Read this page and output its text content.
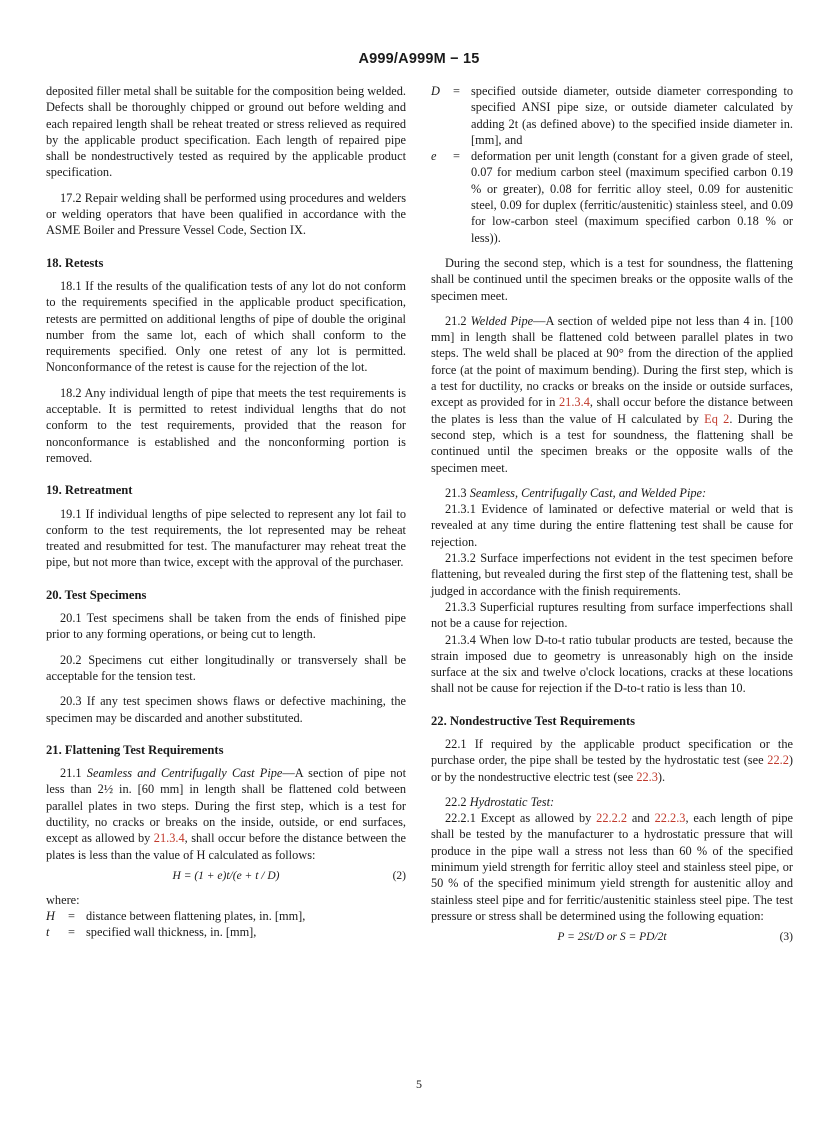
A999/A999M − 15

deposited filler metal shall be suitable for the composition being welded. Defects shall be thoroughly chipped or ground out before welding and each repaired length shall be reheat treated or stress relieved as required by the applicable product specification. Each length of repaired pipe shall be nondestructively tested as required by the applicable product specification.

17.2 Repair welding shall be performed using procedures and welders or welding operators that have been qualified in accordance with the ASME Boiler and Pressure Vessel Code, Section IX.

18. Retests

18.1 If the results of the qualification tests of any lot do not conform to the requirements specified in the applicable product specification, retests are permitted on additional lengths of pipe of double the original number from the same lot, each of which shall conform to the requirements specified. Only one retest of any lot is permitted. Nonconformance of the retest is cause for the rejection of the lot.

18.2 Any individual length of pipe that meets the test requirements is acceptable. It is permitted to retest individual lengths that do not conform to the test requirements, provided that the reason for nonconformance is established and the nonconforming portion is removed.

19. Retreatment

19.1 If individual lengths of pipe selected to represent any lot fail to conform to the test requirements, the lot represented may be reheat treated and resubmitted for test. The manufacturer may reheat treat the pipe, but not more than twice, except with the approval of the purchaser.

20. Test Specimens

20.1 Test specimens shall be taken from the ends of finished pipe prior to any forming operations, or being cut to length.

20.2 Specimens cut either longitudinally or transversely shall be acceptable for the tension test.

20.3 If any test specimen shows flaws or defective machining, the specimen may be discarded and another substituted.

21. Flattening Test Requirements

21.1 Seamless and Centrifugally Cast Pipe—A section of pipe not less than 2½ in. [60 mm] in length shall be flattened cold between parallel plates in two steps. During the first step, which is a test for ductility, no cracks or breaks on the inside, outside, or end surfaces, except as allowed by 21.3.4, shall occur before the distance between the plates is less than the value of H calculated as follows:

H = (1 + e)t/(e + t / D)	(2)

where:

H	= distance between flattening plates, in. [mm],
t	= specified wall thickness, in. [mm],
D	= specified outside diameter, outside diameter corresponding to specified ANSI pipe size, or outside diameter calculated by adding 2t (as defined above) to the specified inside diameter in. [mm], and
e	= deformation per unit length (constant for a given grade of steel, 0.07 for medium carbon steel (maximum specified carbon 0.19 % or greater), 0.08 for ferritic alloy steel, 0.09 for austenitic steel, 0.09 for duplex (ferritic/austenitic) stainless steel, and 0.09 for low-carbon steel (maximum specified carbon 0.18 % or less)).

During the second step, which is a test for soundness, the flattening shall be continued until the specimen breaks or the opposite walls of the specimen meet.

21.2 Welded Pipe—A section of welded pipe not less than 4 in. [100 mm] in length shall be flattened cold between parallel plates in two steps. The weld shall be placed at 90° from the direction of the applied force (at the point of maximum bending). During the first step, which is a test for ductility, no cracks or breaks on the inside or outside surfaces, except as provided for in 21.3.4, shall occur before the distance between the plates is less than the value of H calculated by Eq 2. During the second step, which is a test for soundness, the flattening shall be continued until the specimen breaks or the opposite walls of the specimen meet.

21.3 Seamless, Centrifugally Cast, and Welded Pipe:

21.3.1 Evidence of laminated or defective material or weld that is revealed at any time during the entire flattening test shall be cause for rejection.

21.3.2 Surface imperfections not evident in the test specimen before flattening, but revealed during the first step of the flattening test, shall be judged in accordance with the finish requirements.

21.3.3 Superficial ruptures resulting from surface imperfections shall not be a cause for rejection.

21.3.4 When low D-to-t ratio tubular products are tested, because the strain imposed due to geometry is unreasonably high on the inside surface at the six and twelve o'clock locations, cracks at these locations shall not be cause for rejection if the D-to-t ratio is less than 10.

22. Nondestructive Test Requirements

22.1 If required by the applicable product specification or the purchase order, the pipe shall be tested by the hydrostatic test (see 22.2) or by the nondestructive electric test (see 22.3).

22.2 Hydrostatic Test:

22.2.1 Except as allowed by 22.2.2 and 22.2.3, each length of pipe shall be tested by the manufacturer to a hydrostatic pressure that will produce in the pipe wall a stress not less than 60 % of the specified minimum yield strength for ferritic alloy steel and stainless steel pipe, or 50 % of the specified minimum yield strength for austenitic alloy and stainless steel pipe and for ferritic/austenitic stainless steel pipe. The test pressure or stress shall be determined using the following equation:

P = 2St/D or S = PD/2t	(3)
5
